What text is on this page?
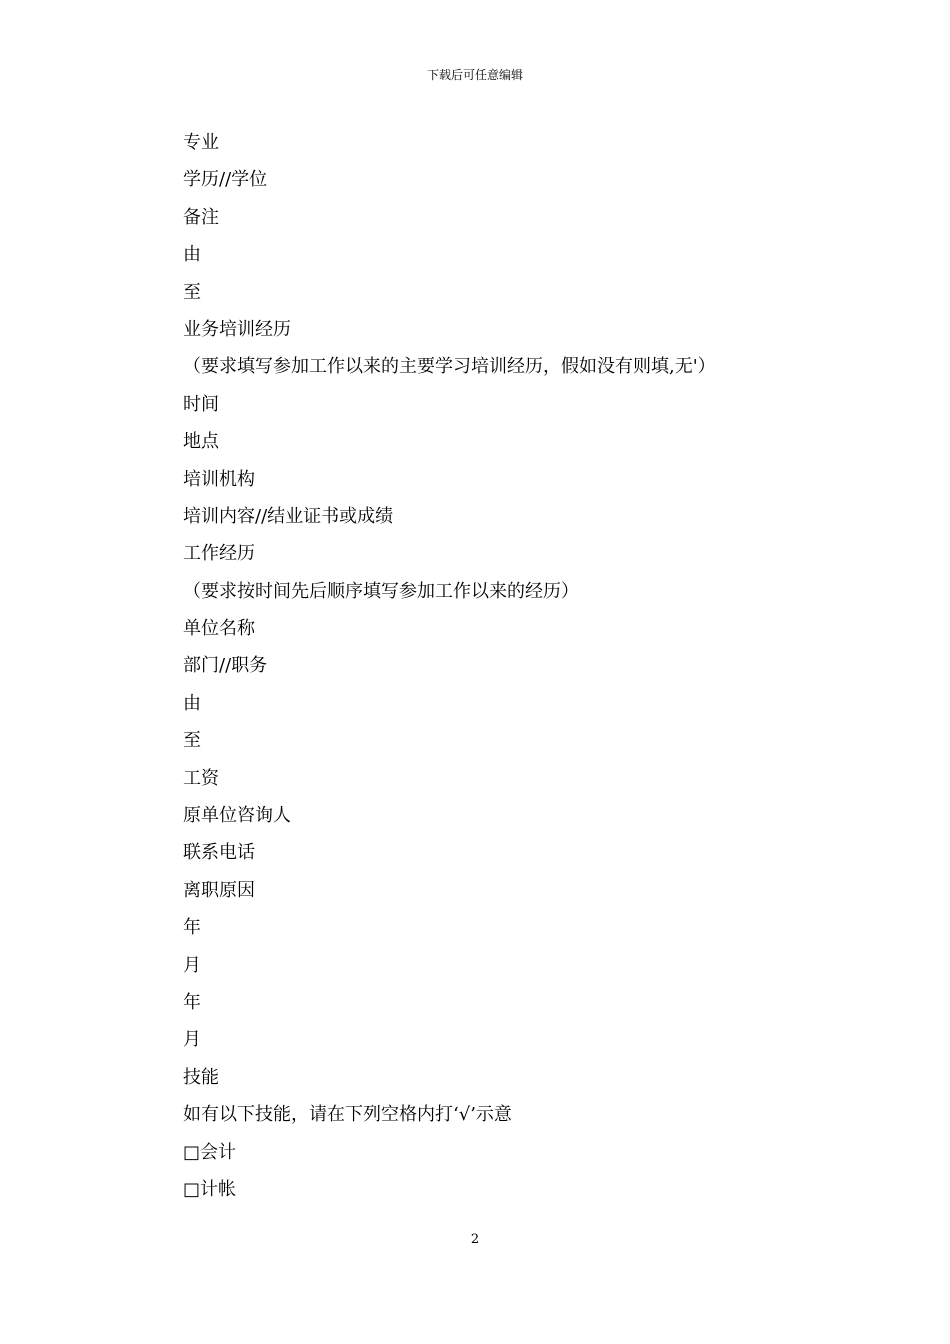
下载后可任意编辑
专业
学历//学位
备注
由
至
业务培训经历
（要求填写参加工作以来的主要学习培训经历，假如没有则填,无'）
时间
地点
培训机构
培训内容//结业证书或成绩
工作经历
（要求按时间先后顺序填写参加工作以来的经历）
单位名称
部门//职务
由
至
工资
原单位咨询人
联系电话
离职原因
年
月
年
月
技能
如有以下技能，请在下列空格内打‘√’示意
□会计
□计帐
2
